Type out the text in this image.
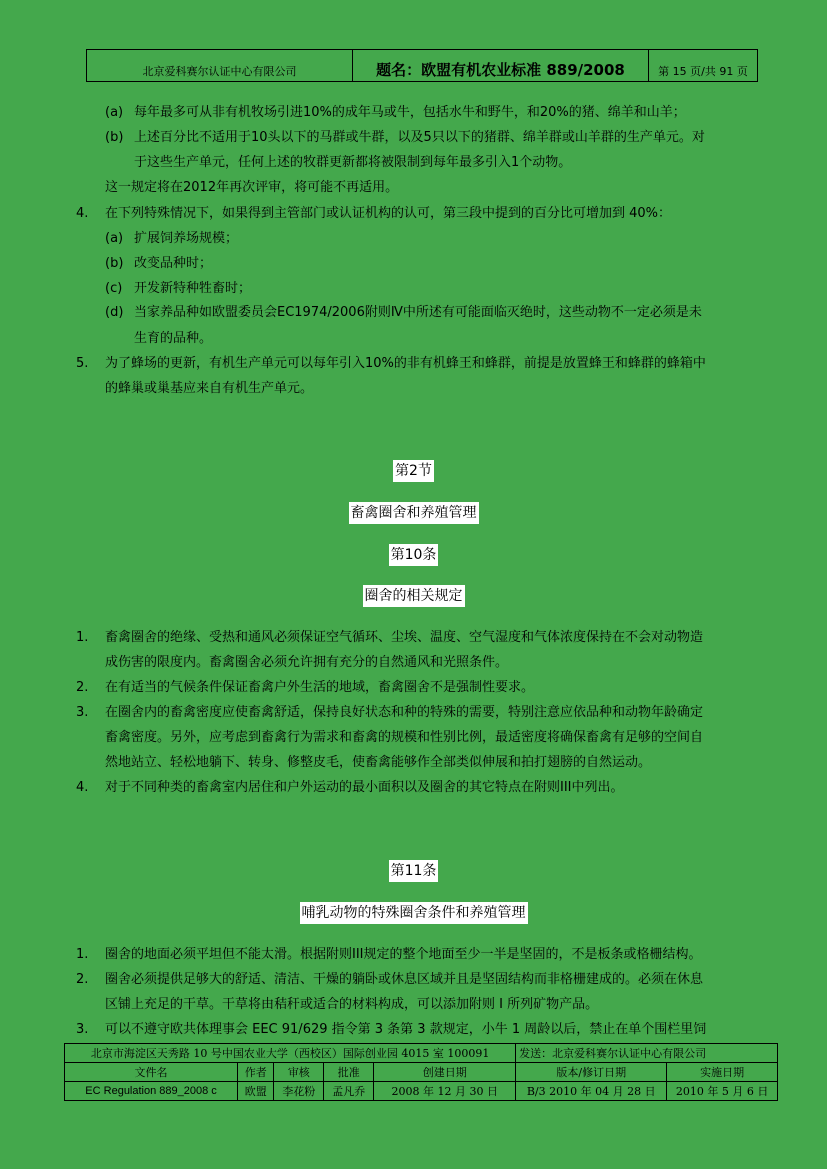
北京爱科赛尔认证中心有限公司	题名：欧盟有机农业标准 889/2008	第 15 页/共 91 页
(a) 每年最多可从非有机牧场引进10%的成年马或牛，包括水牛和野牛，和20%的猪、绵羊和山羊；
(b) 上述百分比不适用于10头以下的马群或牛群，以及5只以下的猪群、绵羊群或山羊群的生产单元。对
于这些生产单元，任何上述的牧群更新都将被限制到每年最多引入1个动物。
这一规定将在2012年再次评审，将可能不再适用。
4. 在下列特殊情况下，如果得到主管部门或认证机构的认可，第三段中提到的百分比可增加到 40%：
(a) 扩展饲养场规模；
(b) 改变品种时；
(c) 开发新特种牲畜时；
(d) 当家养品种如欧盟委员会EC1974/2006附则Ⅳ中所述有可能面临灭绝时，这些动物不一定必须是未
生育的品种。
5. 为了蜂场的更新，有机生产单元可以每年引入10%的非有机蜂王和蜂群，前提是放置蜂王和蜂群的蜂箱中
的蜂巢或巢基应来自有机生产单元。
第2节
畜禽圈舍和养殖管理
第10条
圈舍的相关规定
1. 畜禽圈舍的绝缘、受热和通风必须保证空气循环、尘埃、温度、空气湿度和气体浓度保持在不会对动物造
成伤害的限度内。畜禽圈舍必须允许拥有充分的自然通风和光照条件。
2. 在有适当的气候条件保证畜禽户外生活的地域，畜禽圈舍不是强制性要求。
3. 在圈舍内的畜禽密度应使畜禽舒适，保持良好状态和种的特殊的需要，特别注意应依品种和动物年龄确定
畜禽密度。另外，应考虑到畜禽行为需求和畜禽的规模和性别比例，最适密度将确保畜禽有足够的空间自
然地站立、轻松地躺下、转身、修整皮毛，使畜禽能够作全部类似伸展和拍打翅膀的自然运动。
4. 对于不同种类的畜禽室内居住和户外运动的最小面积以及圈舍的其它特点在附则III中列出。
第11条
哺乳动物的特殊圈舍条件和养殖管理
1. 圈舍的地面必须平坦但不能太滑。根据附则III规定的整个地面至少一半是坚固的，不是板条或格栅结构。
2. 圈舍必须提供足够大的舒适、清洁、干燥的躺卧或休息区域并且是坚固结构而非格栅建成的。必须在休息
区铺上充足的干草。干草将由秸秆或适合的材料构成，可以添加附则 I 所列矿物产品。
3. 可以不遵守欧共体理事会 EEC 91/629 指令第 3 条第 3 款规定，小牛 1 周龄以后，禁止在单个围栏里饲
北京市海淀区天秀路 10 号中国农业大学（西校区）国际创业园 4015 室 100091					发送：北京爱科赛尔认证中心有限公司	
文件名	作者	审核	批准	创建日期	版本/修订日期	实施日期
EC Regulation 889_2008 c	欧盟	李花粉	孟凡乔	2008 年 12 月 30 日	B/3 2010 年 04 月 28 日	2010 年 5 月 6 日
